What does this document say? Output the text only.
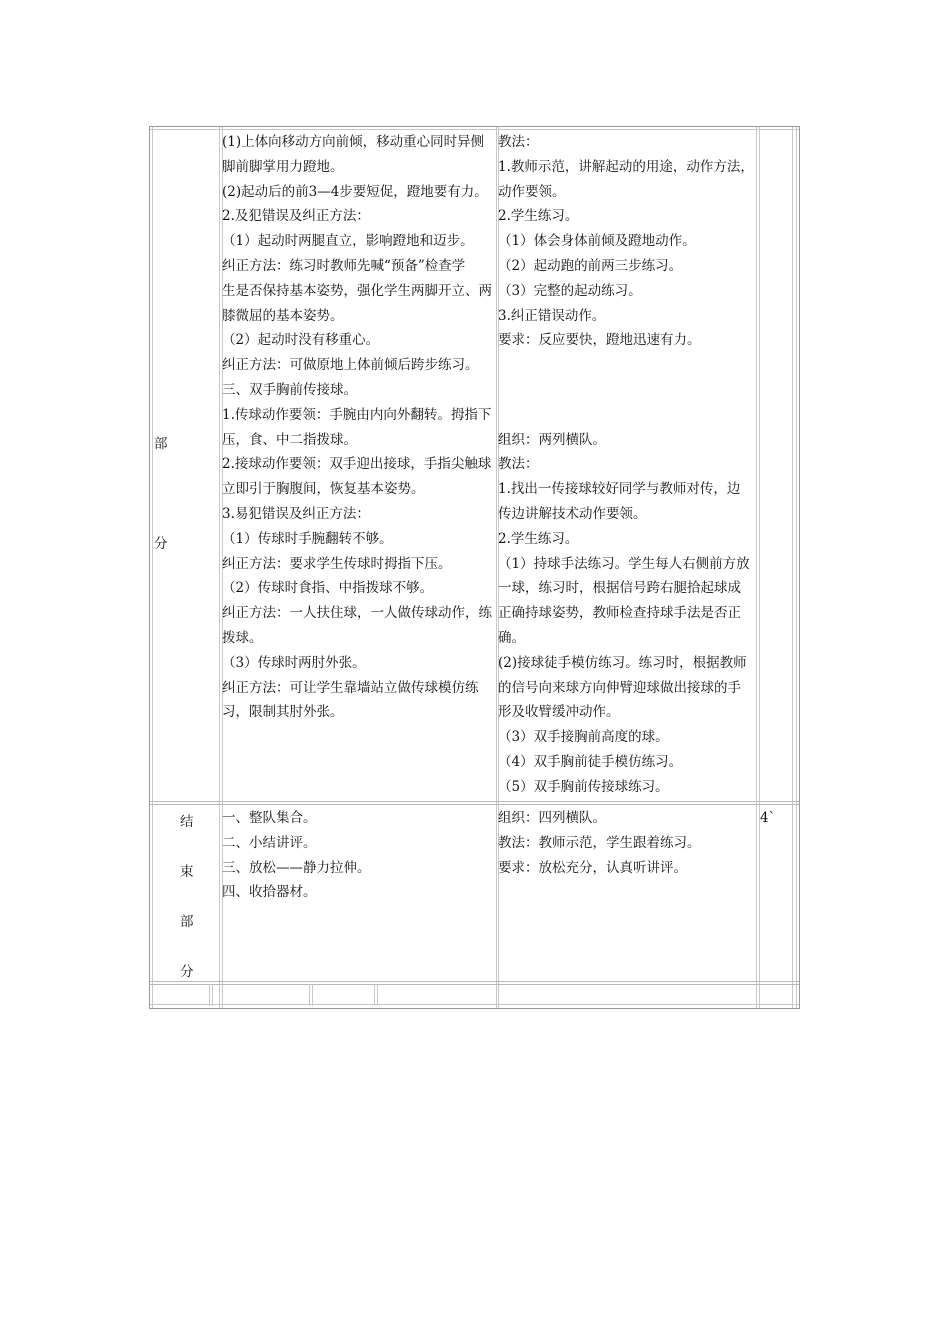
部
分
(1)上体向移动方向前倾，移动重心同时异侧
脚前脚掌用力蹬地。
(2)起动后的前3—4步要短促，蹬地要有力。
2.及犯错误及纠正方法：
（1）起动时两腿直立，影响蹬地和迈步。
纠正方法：练习时教师先喊“预备”检查学
生是否保持基本姿势，强化学生两脚开立、两
膝微屈的基本姿势。
（2）起动时没有移重心。
纠正方法：可做原地上体前倾后跨步练习。
三、双手胸前传接球。
1.传球动作要领：手腕由内向外翻转。拇指下
压，食、中二指拨球。
2.接球动作要领：双手迎出接球，手指尖触球
立即引于胸腹间，恢复基本姿势。
3.易犯错误及纠正方法：
（1）传球时手腕翻转不够。
纠正方法：要求学生传球时拇指下压。
（2）传球时食指、中指拨球不够。
纠正方法：一人扶住球，一人做传球动作，练
拨球。
（3）传球时两肘外张。
纠正方法：可让学生靠墙站立做传球模仿练
习，限制其肘外张。
教法：
1.教师示范，讲解起动的用途，动作方法，
动作要领。
2.学生练习。
（1）体会身体前倾及蹬地动作。
（2）起动跑的前两三步练习。
（3）完整的起动练习。
3.纠正错误动作。
要求：反应要快，蹬地迅速有力。
组织：两列横队。
教法：
1.找出一传接球较好同学与教师对传，边
传边讲解技术动作要领。
2.学生练习。
（1）持球手法练习。学生每人右侧前方放
一球，练习时，根据信号跨右腿拾起球成
正确持球姿势，教师检查持球手法是否正
确。
(2)接球徒手模仿练习。练习时，根据教师
的信号向来球方向伸臂迎球做出接球的手
形及收臂缓冲动作。
（3）双手接胸前高度的球。
（4）双手胸前徒手模仿练习。
（5）双手胸前传接球练习。
结
束
部
分
一、整队集合。
二、小结讲评。
三、放松——静力拉伸。
四、收拾器材。
组织：四列横队。
教法：教师示范，学生跟着练习。
要求：放松充分，认真听讲评。
4`
